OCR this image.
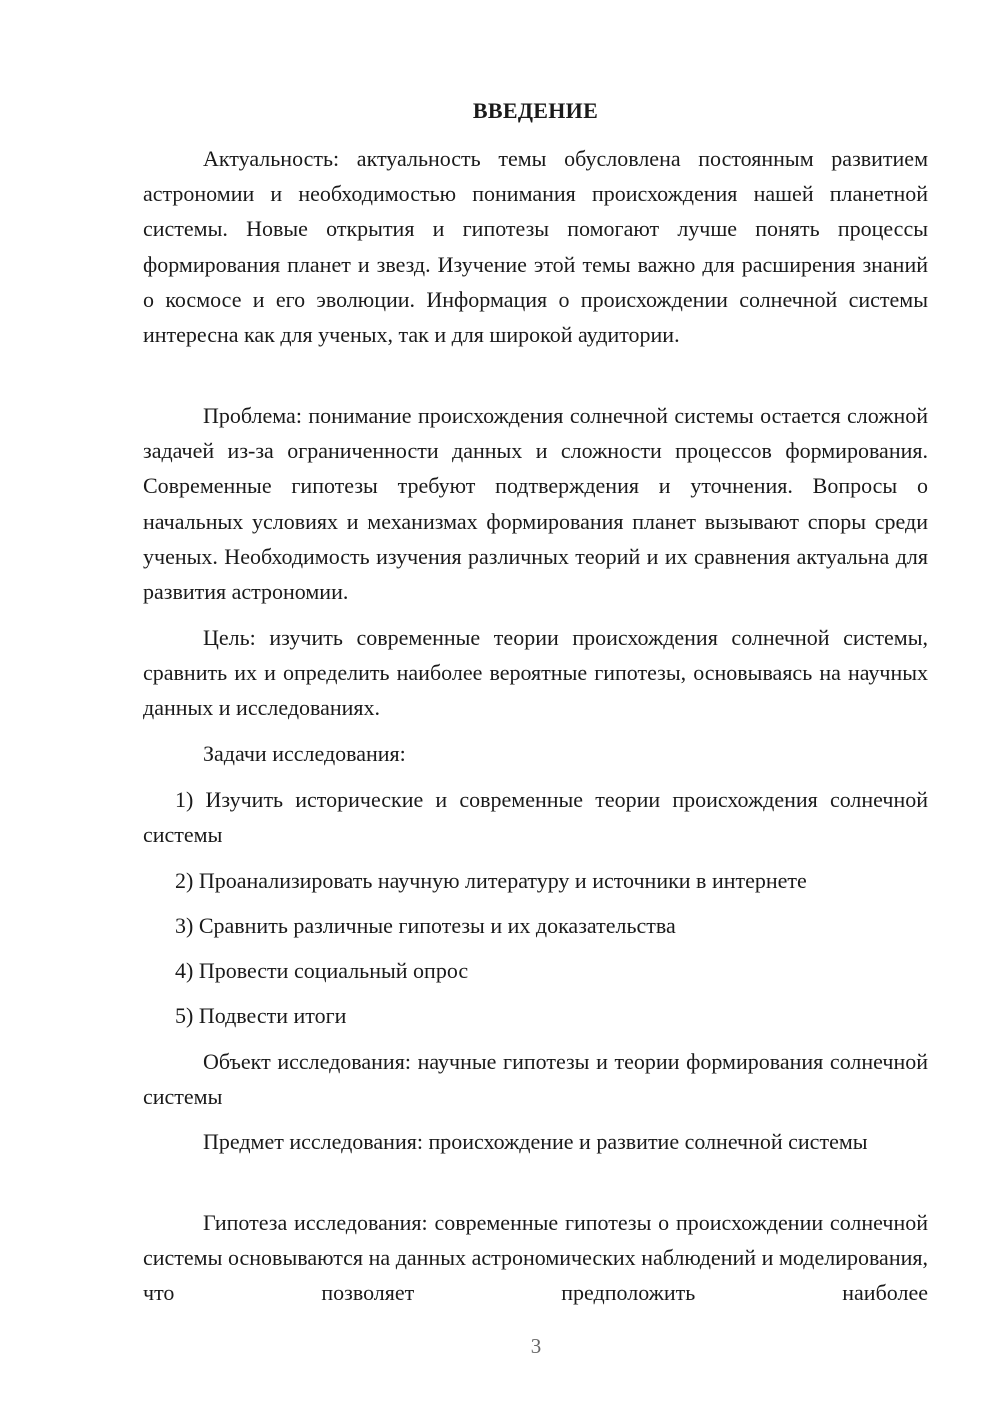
ВВЕДЕНИЕ

Актуальность: актуальность темы обусловлена постоянным развитием астрономии и необходимостью понимания происхождения нашей планетной системы. Новые открытия и гипотезы помогают лучше понять процессы формирования планет и звезд. Изучение этой темы важно для расширения знаний о космосе и его эволюции. Информация о происхождении солнечной системы интересна как для ученых, так и для широкой аудитории.

Проблема: понимание происхождения солнечной системы остается сложной задачей из-за ограниченности данных и сложности процессов формирования. Современные гипотезы требуют подтверждения и уточнения. Вопросы о начальных условиях и механизмах формирования планет вызывают споры среди ученых. Необходимость изучения различных теорий и их сравнения актуальна для развития астрономии.

Цель: изучить современные теории происхождения солнечной системы, сравнить их и определить наиболее вероятные гипотезы, основываясь на научных данных и исследованиях.

Задачи исследования:

1) Изучить исторические и современные теории происхождения солнечной системы

2) Проанализировать научную литературу и источники в интернете

3) Сравнить различные гипотезы и их доказательства

4) Провести социальный опрос

5) Подвести итоги

Объект исследования: научные гипотезы и теории формирования солнечной системы

Предмет исследования: происхождение и развитие солнечной системы

Гипотеза исследования: современные гипотезы о происхождении солнечной системы основываются на данных астрономических наблюдений и моделирования, что позволяет предположить наиболее

3
